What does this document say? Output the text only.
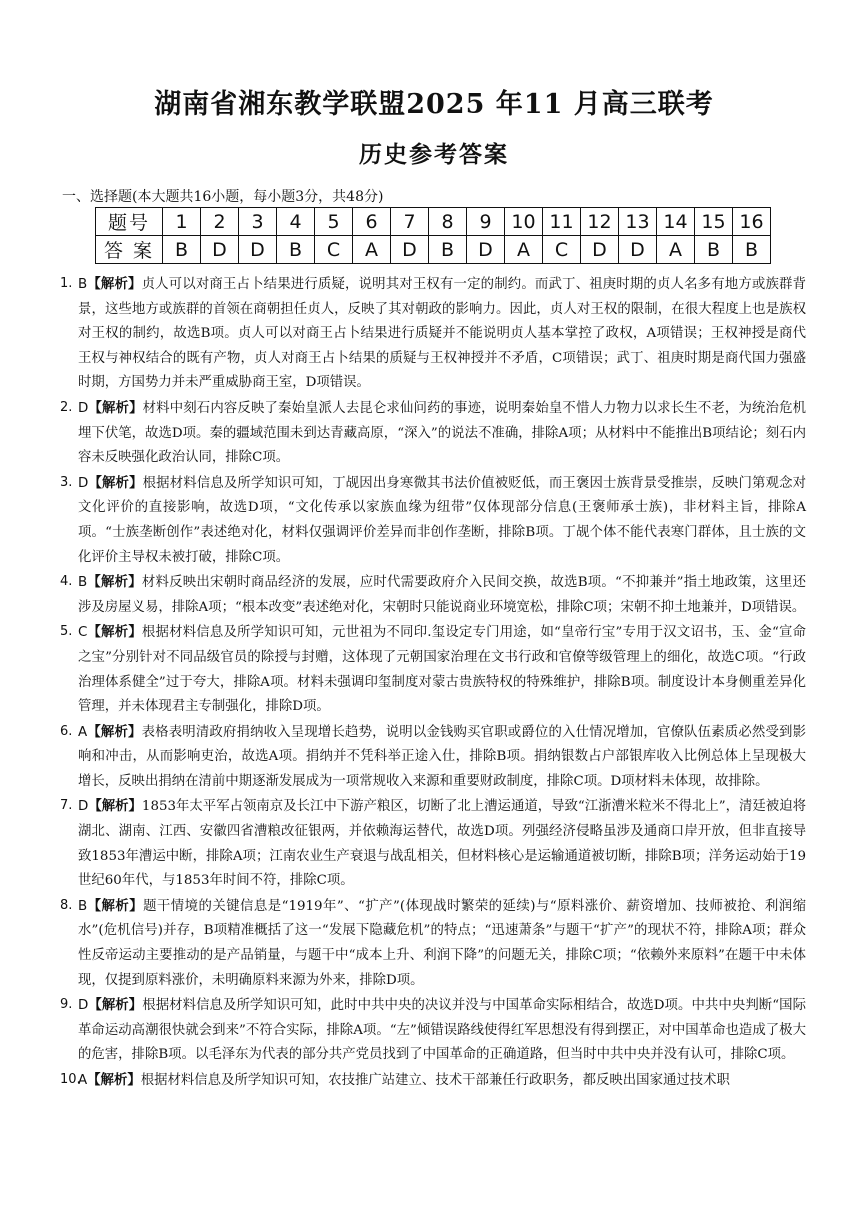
湖南省湘东教学联盟2025 年11 月高三联考
历史参考答案
一、选择题(本大题共16小题，每小题3分，共48分)
题号	1	2	3	4	5	6	7	8	9	10	11	12	13	14	15	16
答 案	B	D	D	B	C	A	D	B	D	A	C	D	D	A	B	B
1. B【解析】贞人可以对商王占卜结果进行质疑，说明其对王权有一定的制约。而武丁、祖庚时期的贞人名多有地方或族群背景，这些地方或族群的首领在商朝担任贞人，反映了其对朝政的影响力。因此，贞人对王权的限制，在很大程度上也是族权对王权的制约，故选B项。贞人可以对商王占卜结果进行质疑并不能说明贞人基本掌控了政权，A项错误；王权神授是商代王权与神权结合的既有产物，贞人对商王占卜结果的质疑与王权神授并不矛盾，C项错误；武丁、祖庚时期是商代国力强盛时期，方国势力并未严重威胁商王室，D项错误。
2. D【解析】材料中刻石内容反映了秦始皇派人去昆仑求仙问药的事迹，说明秦始皇不惜人力物力以求长生不老，为统治危机埋下伏笔，故选D项。秦的疆域范围未到达青藏高原，“深入”的说法不准确，排除A项；从材料中不能推出B项结论；刻石内容未反映强化政治认同，排除C项。
3. D【解析】根据材料信息及所学知识可知，丁觇因出身寒微其书法价值被贬低，而王褒因士族背景受推崇，反映门第观念对文化评价的直接影响，故选D项，“文化传承以家族血缘为纽带”仅体现部分信息(王褒师承士族)，非材料主旨，排除A项。“士族垄断创作”表述绝对化，材料仅强调评价差异而非创作垄断，排除B项。丁觇个体不能代表寒门群体，且士族的文化评价主导权未被打破，排除C项。
4. B【解析】材料反映出宋朝时商品经济的发展，应时代需要政府介入民间交换，故选B项。“不抑兼并”指土地政策，这里还涉及房屋义易，排除A项；“根本改变”表述绝对化，宋朝时只能说商业环境宽松，排除C项；宋朝不抑土地兼并，D项错误。
5. C【解析】根据材料信息及所学知识可知，元世祖为不同印.玺设定专门用途，如“皇帝行宝”专用于汉文诏书，玉、金“宣命之宝”分别针对不同品级官员的除授与封赠，这体现了元朝国家治理在文书行政和官僚等级管理上的细化，故选C项。“行政治理体系健全”过于夸大，排除A项。材料未强调印玺制度对蒙古贵族特权的特殊维护，排除B项。制度设计本身侧重差异化管理，并未体现君主专制强化，排除D项。
6. A【解析】表格表明清政府捐纳收入呈现增长趋势，说明以金钱购买官职或爵位的入仕情况增加，官僚队伍素质必然受到影响和冲击，从而影响吏治，故选A项。捐纳并不凭科举正途入仕，排除B项。捐纳银数占户部银库收入比例总体上呈现极大增长，反映出捐纳在清前中期逐渐发展成为一项常规收入来源和重要财政制度，排除C项。D项材料未体现，故排除。
7. D【解析】1853年太平军占领南京及长江中下游产粮区，切断了北上漕运通道，导致“江浙漕米粒米不得北上”，清廷被迫将湖北、湖南、江西、安徽四省漕粮改征银两，并依赖海运替代，故选D项。列强经济侵略虽涉及通商口岸开放，但非直接导致1853年漕运中断，排除A项；江南农业生产衰退与战乱相关，但材料核心是运输通道被切断，排除B项；洋务运动始于19世纪60年代，与1853年时间不符，排除C项。
8. B【解析】题干情境的关键信息是“1919年”、“扩产”(体现战时繁荣的延续)与“原料涨价、薪资增加、技师被抢、利润缩水”(危机信号)并存，B项精准概括了这一“发展下隐藏危机”的特点；“迅速萧条”与题干“扩产”的现状不符，排除A项；群众性反帝运动主要推动的是产品销量，与题干中“成本上升、利润下降”的问题无关，排除C项；“依赖外来原料”在题干中未体现，仅提到原料涨价，未明确原料来源为外来，排除D项。
9. D【解析】根据材料信息及所学知识可知，此时中共中央的决议并没与中国革命实际相结合，故选D项。中共中央判断“国际革命运动高潮很快就会到来”不符合实际，排除A项。“左”倾错误路线使得红军思想没有得到摆正，对中国革命也造成了极大的危害，排除B项。以毛泽东为代表的部分共产党员找到了中国革命的正确道路，但当时中共中央并没有认可，排除C项。
10.
A【解析】根据材料信息及所学知识可知，农技推广站建立、技术干部兼任行政职务，都反映出国家通过技术职
